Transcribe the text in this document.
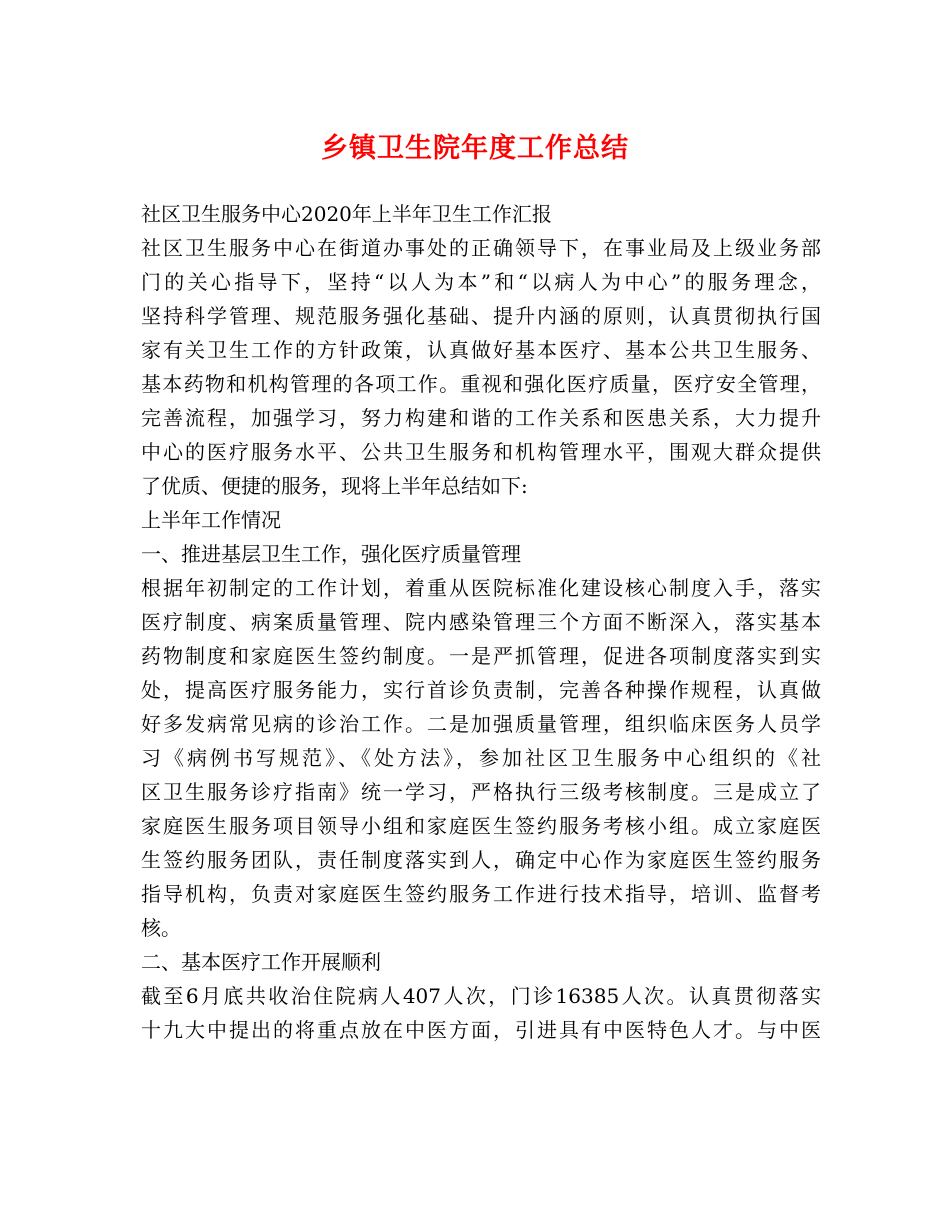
乡镇卫生院年度工作总结
社区卫生服务中心2020年上半年卫生工作汇报
社区卫生服务中心在街道办事处的正确领导下，在事业局及上级业务部
门的关心指导下，坚持“以人为本”和“以病人为中心”的服务理念，
坚持科学管理、规范服务强化基础、提升内涵的原则，认真贯彻执行国
家有关卫生工作的方针政策，认真做好基本医疗、基本公共卫生服务、
基本药物和机构管理的各项工作。重视和强化医疗质量，医疗安全管理，
完善流程，加强学习，努力构建和谐的工作关系和医患关系，大力提升
中心的医疗服务水平、公共卫生服务和机构管理水平，围观大群众提供
了优质、便捷的服务，现将上半年总结如下:
上半年工作情况
一、推进基层卫生工作，强化医疗质量管理
根据年初制定的工作计划，着重从医院标准化建设核心制度入手，落实
医疗制度、病案质量管理、院内感染管理三个方面不断深入，落实基本
药物制度和家庭医生签约制度。一是严抓管理，促进各项制度落实到实
处，提高医疗服务能力，实行首诊负责制，完善各种操作规程，认真做
好多发病常见病的诊治工作。二是加强质量管理，组织临床医务人员学
习《病例书写规范》、《处方法》，参加社区卫生服务中心组织的《社
区卫生服务诊疗指南》统一学习，严格执行三级考核制度。三是成立了
家庭医生服务项目领导小组和家庭医生签约服务考核小组。成立家庭医
生签约服务团队，责任制度落实到人，确定中心作为家庭医生签约服务
指导机构，负责对家庭医生签约服务工作进行技术指导，培训、监督考
核。
二、基本医疗工作开展顺利
截至6月底共收治住院病人407人次，门诊16385人次。认真贯彻落实
十九大中提出的将重点放在中医方面，引进具有中医特色人才。与中医
